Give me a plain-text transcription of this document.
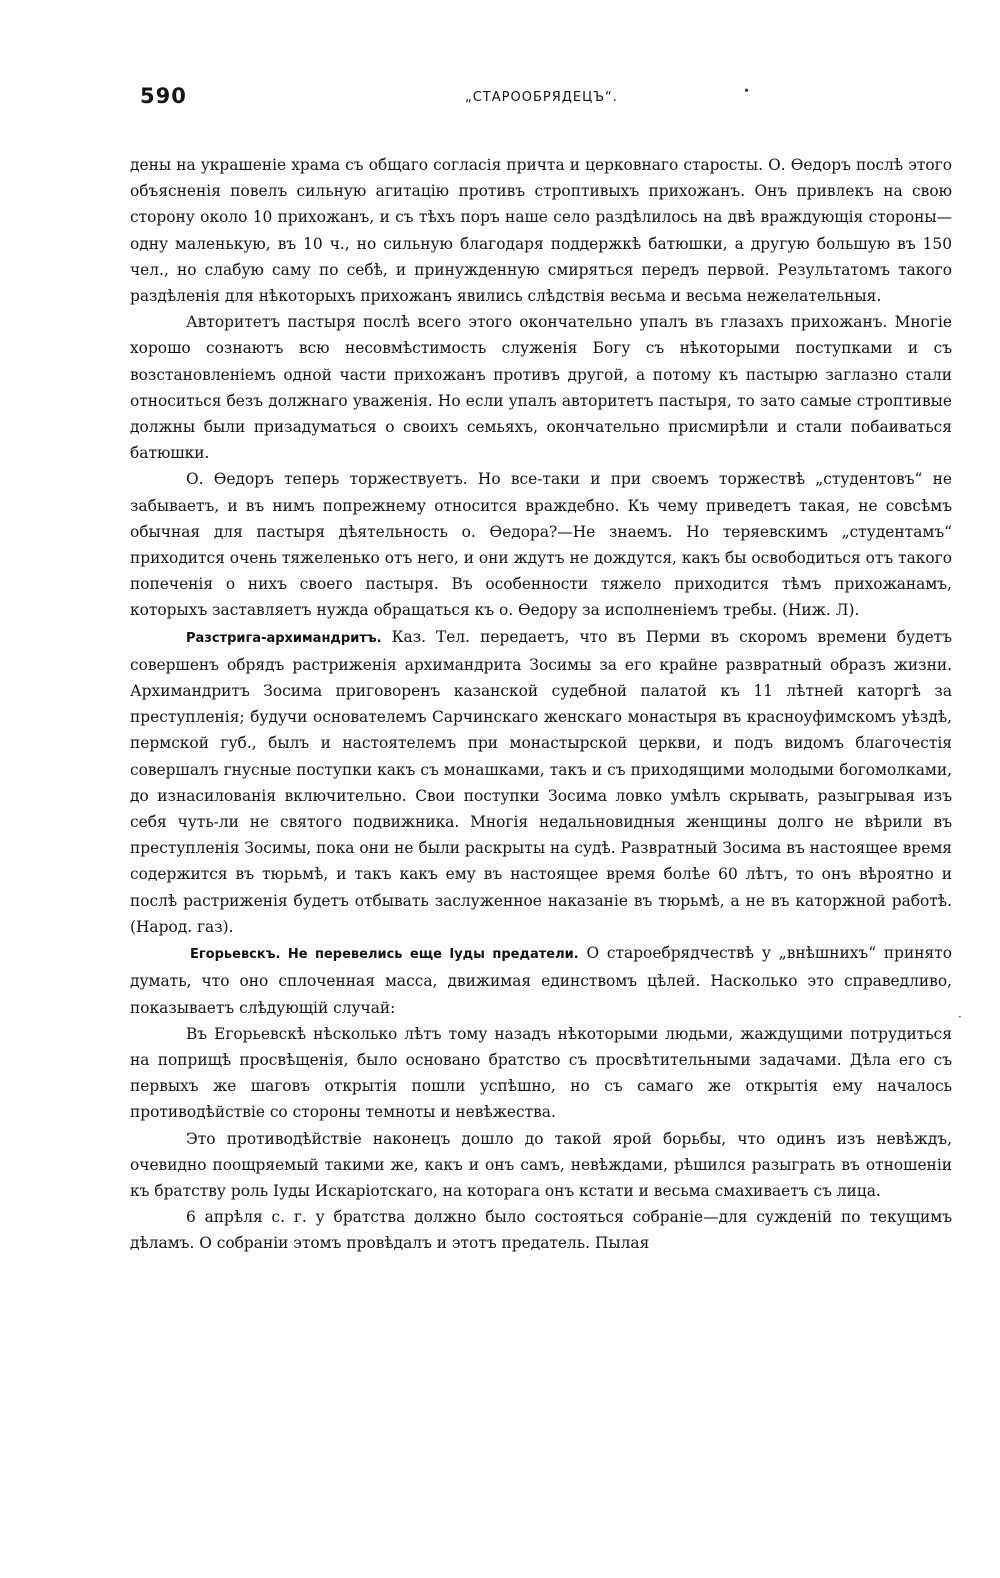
590	„СТАРООБРЯДЕЦЪ“.

дены на украшеніе храма съ общаго согласія причта и церковнаго старосты. О. Өедоръ послѣ этого объясненія повелъ сильную агитацію противъ строптивыхъ прихожанъ. Онъ привлекъ на свою сторону около 10 прихожанъ, и съ тѣхъ поръ наше село раздѣлилось на двѣ враждующія стороны—одну маленькую, въ 10 ч., но сильную благодаря поддержкѣ батюшки, а другую большую въ 150 чел., но слабую саму по себѣ, и принужденную смиряться передъ первой. Результатомъ такого раздѣленія для нѣкоторыхъ прихожанъ явились слѣдствія весьма и весьма нежелательныя.

Авторитетъ пастыря послѣ всего этого окончательно упалъ въ глазахъ прихожанъ. Многіе хорошо сознаютъ всю несовмѣстимость служенія Богу съ нѣкоторыми поступками и съ возстановленіемъ одной части прихожанъ противъ другой, а потому къ пастырю заглазно стали относиться безъ должнаго уваженія. Но если упалъ авторитетъ пастыря, то зато самые строптивые должны были призадуматься о своихъ семьяхъ, окончательно присмирѣли и стали побаиваться батюшки.

О. Өедоръ теперь торжествуетъ. Но все-таки и при своемъ торжествѣ „студентовъ“ не забываетъ, и въ нимъ попрежнему относится враждебно. Къ чему приведетъ такая, не совсѣмъ обычная для пастыря дѣятельность о. Өедора?—Не знаемъ. Но теряевскимъ „студентамъ“ приходится очень тяжеленько отъ него, и они ждутъ не дождутся, какъ бы освободиться отъ такого попеченія о нихъ своего пастыря. Въ особенности тяжело приходится тѣмъ прихожанамъ, которыхъ заставляетъ нужда обращаться къ о. Өедору за исполненіемъ требы. (Ниж. Л).

Разстрига-архимандритъ. Каз. Тел. передаетъ, что въ Перми въ скоромъ времени будетъ совершенъ обрядъ растриженія архимандрита Зосимы за его крайне развратный образъ жизни. Архимандритъ Зосима приговоренъ казанской судебной палатой къ 11 лѣтней каторгѣ за преступленія; будучи основателемъ Сарчинскаго женскаго монастыря въ красноуфимскомъ уѣздѣ, пермской губ., былъ и настоятелемъ при монастырской церкви, и подъ видомъ благочестія совершалъ гнусные поступки какъ съ монашками, такъ и съ приходящими молодыми богомолками, до изнасилованія включительно. Свои поступки Зосима ловко умѣлъ скрывать, разыгрывая изъ себя чуть-ли не святого подвижника. Многія недальновидныя женщины долго не вѣрили въ преступленія Зосимы, пока они не были раскрыты на судѣ. Развратный Зосима въ настоящее время содержится въ тюрьмѣ, и такъ какъ ему въ настоящее время болѣе 60 лѣтъ, то онъ вѣроятно и послѣ растриженія будетъ отбывать заслуженное наказаніе въ тюрьмѣ, а не въ каторжной работѣ. (Народ. газ).

Егорьевскъ. Не перевелись еще Іуды предатели. О староебрядчествѣ у „внѣшнихъ“ принято думать, что оно сплоченная масса, движимая единствомъ цѣлей. Насколько это справедливо, показываетъ слѣдующій случай:

Въ Егорьевскѣ нѣсколько лѣтъ тому назадъ нѣкоторыми людьми, жаждущими потрудиться на поприщѣ просвѣщенія, было основано братство съ просвѣтительными задачами. Дѣла его съ первыхъ же шаговъ открытія пошли успѣшно, но съ самаго же открытія ему началось противодѣйствіе со стороны темноты и невѣжества.

Это противодѣйствіе наконецъ дошло до такой ярой борьбы, что одинъ изъ невѣждъ, очевидно поощряемый такими же, какъ и онъ самъ, невѣждами, рѣшился разыграть въ отношеніи къ братству роль Іуды Искаріотскаго, на которага онъ кстати и весьма смахиваетъ съ лица.

6 апрѣля с. г. у братства должно было состояться собраніе—для сужденій по текущимъ дѣламъ. О собраніи этомъ провѣдалъ и этотъ предатель. Пылая

•
·
